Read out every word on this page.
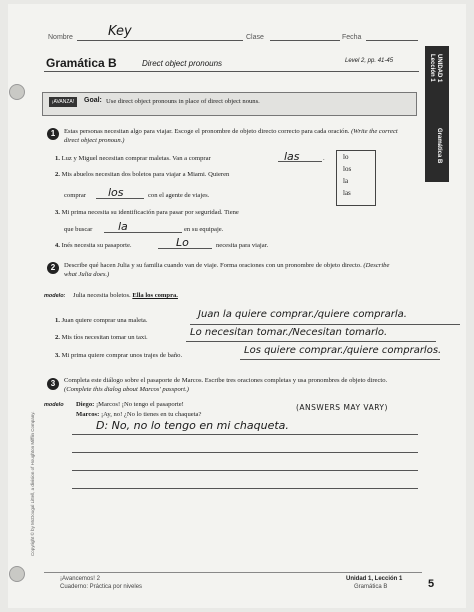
Nombre	Key	Clase	Fecha
Gramática B	Direct object pronouns	Level 2, pp. 41-45	UNIDAD 1
Lección 1
Gramática B
¡AVANZA!	Goal: Use direct object pronouns in place of direct object nouns.
1	Estas personas necesitan algo para viajar. Escoge el pronombre de objeto directo correcto para cada oración. (Write the correct direct object pronoun.)
1. Luz y Miguel necesitan comprar maletas. Van a comprar	las	.
2. Mis abuelos necesitan dos boletos para viajar a Miami. Quieren
comprar los	con el agente de viajes.
3. Mi prima necesita su identificación para pasar por seguridad. Tiene
que buscar la	en su equipaje.
4. Inés necesita su pasaporte.	Lo	necesita para viajar.
lo
los
la
las
2	Describe qué hacen Julia y su familia cuando van de viaje. Forma oraciones con un pronombre de objeto directo. (Describe what Julia does.)
modelo: Julia necesita boletos. Ella los compra.
1. Juan quiere comprar una maleta.
Juan la quiere comprar./quiere comprarla.
2. Mis tíos necesitan tomar un taxi.	Lo necesitan tomar./Necesitan tomarlo.
3. Mi prima quiere comprar unos trajes de baño.	Los quiere comprar./quiere comprarlos.
3	Completa este diálogo sobre el pasaporte de Marcos. Escribe tres oraciones completas y usa pronombres de objeto directo. (Complete this dialog about Marcos' passport.)
modelo Diego: ¡Marcos! ¡No tengo el pasaporte!
Marcos: ¡Ay, no! ¿No lo tienes en tu chaqueta?
(ANSWERS MAY VARY)
D: No, no lo tengo en mi chaqueta.
Copyright © by McDougal Littell, a division of Houghton Mifflin Company.
¡Avancemos! 2
Cuaderno: Práctica por niveles
Unidad 1, Lección 1
Gramática B	5
